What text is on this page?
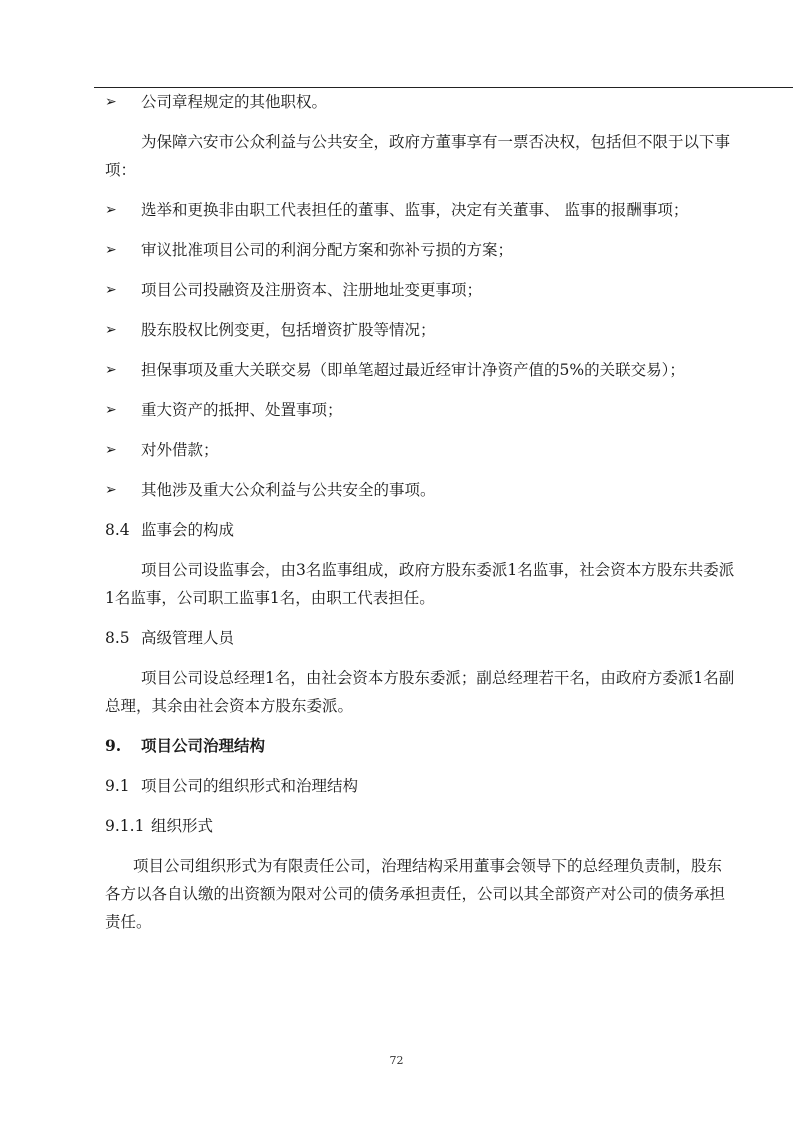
➢ 公司章程规定的其他职权。
为保障六安市公众利益与公共安全，政府方董事享有一票否决权，包括但不限于以下事项：
➢ 选举和更换非由职工代表担任的董事、监事，决定有关董事、 监事的报酬事项；
➢ 审议批准项目公司的利润分配方案和弥补亏损的方案；
➢ 项目公司投融资及注册资本、注册地址变更事项；
➢ 股东股权比例变更，包括增资扩股等情况；
➢ 担保事项及重大关联交易（即单笔超过最近经审计净资产值的5%的关联交易）；
➢ 重大资产的抵押、处置事项；
➢ 对外借款；
➢ 其他涉及重大公众利益与公共安全的事项。
8.4 监事会的构成
项目公司设监事会，由3名监事组成，政府方股东委派1名监事，社会资本方股东共委派1名监事，公司职工监事1名，由职工代表担任。
8.5 高级管理人员
项目公司设总经理1名，由社会资本方股东委派；副总经理若干名，由政府方委派1名副总理，其余由社会资本方股东委派。
9. 项目公司治理结构
9.1 项目公司的组织形式和治理结构
9.1.1 组织形式
项目公司组织形式为有限责任公司，治理结构采用董事会领导下的总经理负责制，股东各方以各自认缴的出资额为限对公司的债务承担责任，公司以其全部资产对公司的债务承担责任。
72
